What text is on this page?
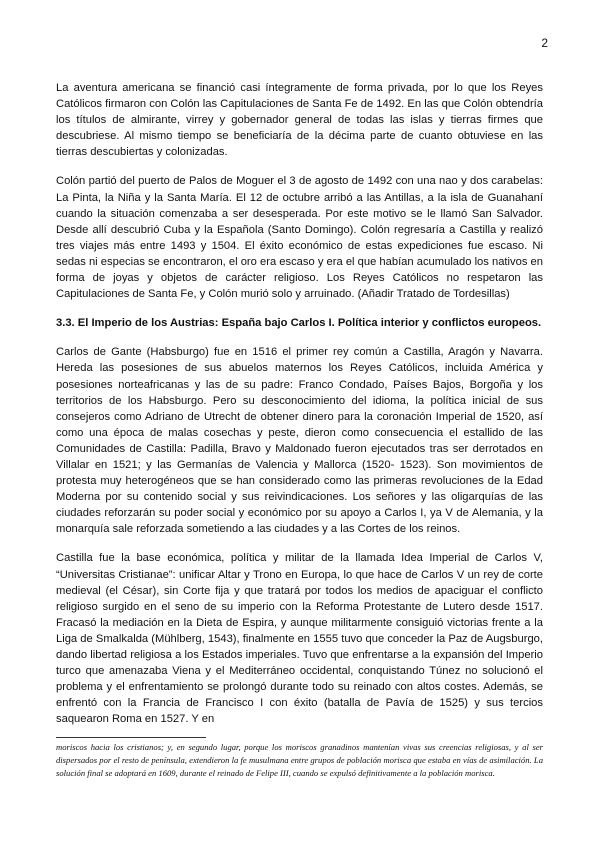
2

La aventura americana se financió casi íntegramente de forma privada, por lo que los Reyes Católicos firmaron con Colón las Capitulaciones de Santa Fe de 1492. En las que Colón obtendría los títulos de almirante, virrey y gobernador general de todas las islas y tierras firmes que descubriese. Al mismo tiempo se beneficiaría de la décima parte de cuanto obtuviese en las tierras descubiertas y colonizadas.

Colón partió del puerto de Palos de Moguer el 3 de agosto de 1492 con una nao y dos carabelas: La Pinta, la Niña y la Santa María. El 12 de octubre arribó a las Antillas, a la isla de Guanahaní cuando la situación comenzaba a ser desesperada. Por este motivo se le llamó San Salvador. Desde allí descubrió Cuba y la Española (Santo Domingo). Colón regresaría a Castilla y realizó tres viajes más entre 1493 y 1504. El éxito económico de estas expediciones fue escaso. Ni sedas ni especias se encontraron, el oro era escaso y era el que habían acumulado los nativos en forma de joyas y objetos de carácter religioso. Los Reyes Católicos no respetaron las Capitulaciones de Santa Fe, y Colón murió solo y arruinado. (Añadir Tratado de Tordesillas)

3.3. El Imperio de los Austrias: España bajo Carlos I. Política interior y conflictos europeos.

Carlos de Gante (Habsburgo) fue en 1516 el primer rey común a Castilla, Aragón y Navarra. Hereda las posesiones de sus abuelos maternos los Reyes Católicos, incluida América y posesiones norteafricanas y las de su padre: Franco Condado, Países Bajos, Borgoña y los territorios de los Habsburgo. Pero su desconocimiento del idioma, la política inicial de sus consejeros como Adriano de Utrecht de obtener dinero para la coronación Imperial de 1520, así como una época de malas cosechas y peste, dieron como consecuencia el estallido de las Comunidades de Castilla: Padilla, Bravo y Maldonado fueron ejecutados tras ser derrotados en Villalar en 1521; y las Germanías de Valencia y Mallorca (1520- 1523). Son movimientos de protesta muy heterogéneos que se han considerado como las primeras revoluciones de la Edad Moderna por su contenido social y sus reivindicaciones. Los señores y las oligarquías de las ciudades reforzarán su poder social y económico por su apoyo a Carlos I, ya V de Alemania, y la monarquía sale reforzada sometiendo a las ciudades y a las Cortes de los reinos.

Castilla fue la base económica, política y militar de la llamada Idea Imperial de Carlos V, “Universitas Cristianae”: unificar Altar y Trono en Europa, lo que hace de Carlos V un rey de corte medieval (el César), sin Corte fija y que tratará por todos los medios de apaciguar el conflicto religioso surgido en el seno de su imperio con la Reforma Protestante de Lutero desde 1517. Fracasó la mediación en la Dieta de Espira, y aunque militarmente consiguió victorias frente a la Liga de Smalkalda (Mühlberg, 1543), finalmente en 1555 tuvo que conceder la Paz de Augsburgo, dando libertad religiosa a los Estados imperiales. Tuvo que enfrentarse a la expansión del Imperio turco que amenazaba Viena y el Mediterráneo occidental, conquistando Túnez no solucionó el problema y el enfrentamiento se prolongó durante todo su reinado con altos costes. Además, se enfrentó con la Francia de Francisco I con éxito (batalla de Pavía de 1525) y sus tercios saquearon Roma en 1527. Y en

moriscos hacia los cristianos; y, en segundo lugar, porque los moriscos granadinos mantenían vivas sus creencias religiosas, y al ser dispersados por el resto de península, extendieron la fe musulmana entre grupos de población morisca que estaba en vías de asimilación. La solución final se adoptará en 1609, durante el reinado de Felipe III, cuando se expulsó definitivamente a la población morisca.
